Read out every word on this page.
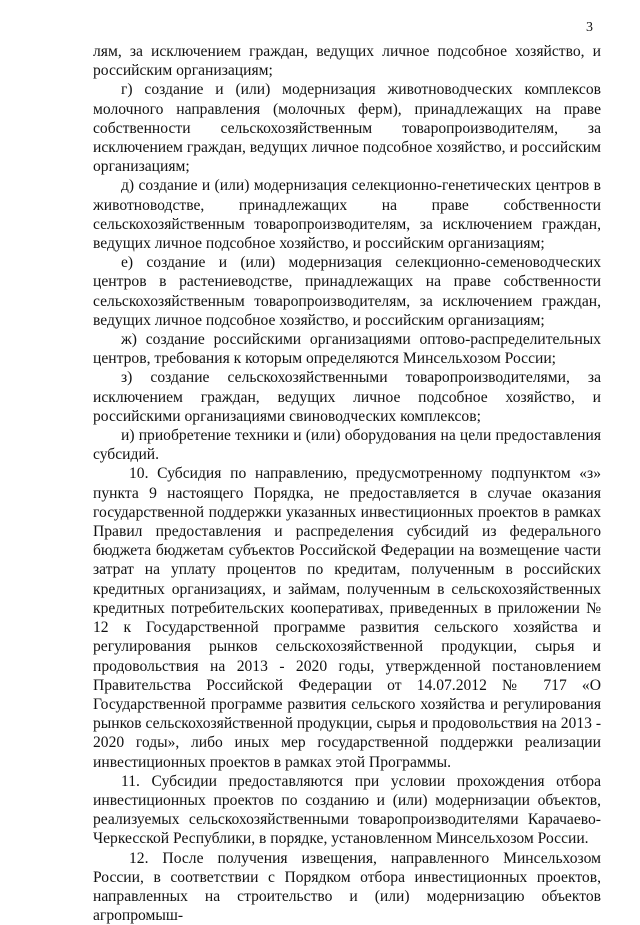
3

лям, за исключением граждан, ведущих личное подсобное хозяйство, и российским организациям;

г) создание и (или) модернизация животноводческих комплексов молочного направления (молочных ферм), принадлежащих на праве собственности сельскохозяйственным товаропроизводителям, за исключением граждан, ведущих личное подсобное хозяйство, и российским организациям;

д) создание и (или) модернизация селекционно-генетических центров в животноводстве, принадлежащих на праве собственности сельскохозяйственным товаропроизводителям, за исключением граждан, ведущих личное подсобное хозяйство, и российским организациям;

е) создание и (или) модернизация селекционно-семеноводческих центров в растениеводстве, принадлежащих на праве собственности сельскохозяйственным товаропроизводителям, за исключением граждан, ведущих личное подсобное хозяйство, и российским организациям;

ж) создание российскими организациями оптово-распределительных центров, требования к которым определяются Минсельхозом России;

з) создание сельскохозяйственными товаропроизводителями, за исключением граждан, ведущих личное подсобное хозяйство, и российскими организациями свиноводческих комплексов;

и) приобретение техники и (или) оборудования на цели предоставления субсидий.

10. Субсидия по направлению, предусмотренному подпунктом «з» пункта 9 настоящего Порядка, не предоставляется в случае оказания государственной поддержки указанных инвестиционных проектов в рамках Правил предоставления и распределения субсидий из федерального бюджета бюджетам субъектов Российской Федерации на возмещение части затрат на уплату процентов по кредитам, полученным в российских кредитных организациях, и займам, полученным в сельскохозяйственных кредитных потребительских кооперативах, приведенных в приложении № 12 к Государственной программе развития сельского хозяйства и регулирования рынков сельскохозяйственной продукции, сырья и продовольствия на 2013 - 2020 годы, утвержденной постановлением Правительства Российской Федерации от 14.07.2012 № 717 «О Государственной программе развития сельского хозяйства и регулирования рынков сельскохозяйственной продукции, сырья и продовольствия на 2013 - 2020 годы», либо иных мер государственной поддержки реализации инвестиционных проектов в рамках этой Программы.

11. Субсидии предоставляются при условии прохождения отбора инвестиционных проектов по созданию и (или) модернизации объектов, реализуемых сельскохозяйственными товаропроизводителями Карачаево-Черкесской Республики, в порядке, установленном Минсельхозом России.

12. После получения извещения, направленного Минсельхозом России, в соответствии с Порядком отбора инвестиционных проектов, направленных на строительство и (или) модернизацию объектов агропромыш-
